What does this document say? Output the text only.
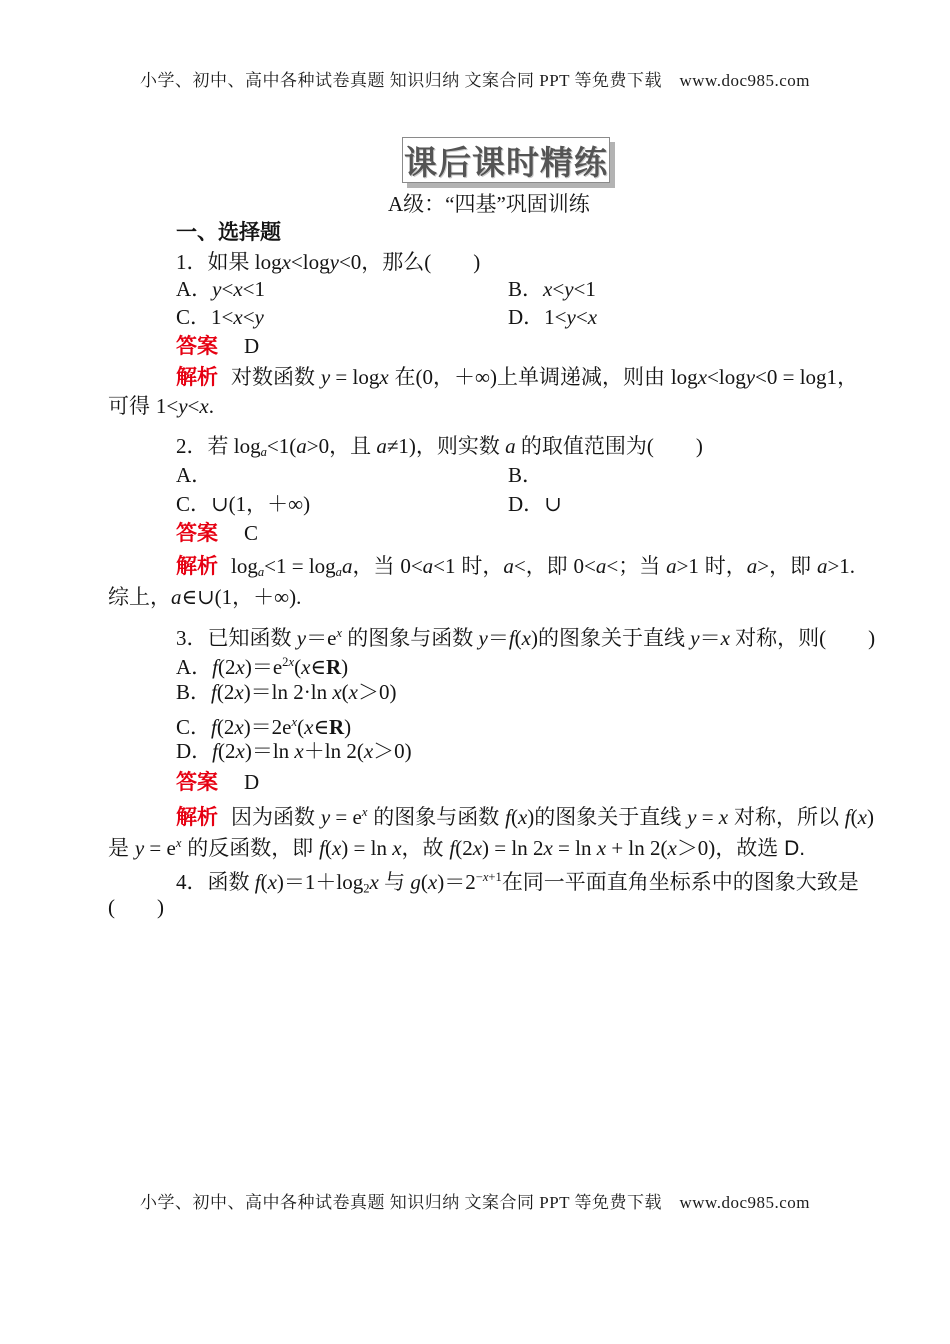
小学、初中、高中各种试卷真题 知识归纳 文案合同 PPT 等免费下载　www.doc985.com
课后课时精练
A级：“四基”巩固训练
一、选择题
1．如果 logx<logy<0，那么(　　)
A．y<x<1	B．x<y<1
C．1<x<y	D．1<y<x
答案 D
解析 对数函数 y = logx 在(0，＋∞)上单调递减，则由 logx<logy<0 = log1，
可得 1<y<x.
2．若 $\log_a<1(a>0$，且 a≠1)，则实数 a 的取值范围为(　　)
A．	B．
C．∪(1，＋∞)	D．∪
答案 C
解析 $\log_a<1 = \log_aa$，当 0<a<1 时，a<，即 0<a<；当 a>1 时，a>，即 a>1.
综上，a∈∪(1，＋∞).
3．已知函数 $y=e^x$ 的图象与函数 y＝f(x)的图象关于直线 y＝x 对称，则(　　)
A．$f(2x)=e^{2x}(x\in R)$
B．f(2x)＝ln 2·ln x(x＞0)
C．$f(2x)=2e^x(x\in R)$
D．f(2x)＝ln x＋ln 2(x＞0)
答案 D
解析 因为函数 $y = e^x$ 的图象与函数 f(x)的图象关于直线 y = x 对称，所以 f(x)
是 $y = e^x$ 的反函数，即 f(x) = ln x，故 f(2x) = ln 2x = ln x + ln 2(x＞0)，故选 D.
4．函数 $f(x)=1+\log_2x$ 与 $g(x)=2^{-x+1}$在同一平面直角坐标系中的图象大致是
(　　)
小学、初中、高中各种试卷真题 知识归纳 文案合同 PPT 等免费下载　www.doc985.com
